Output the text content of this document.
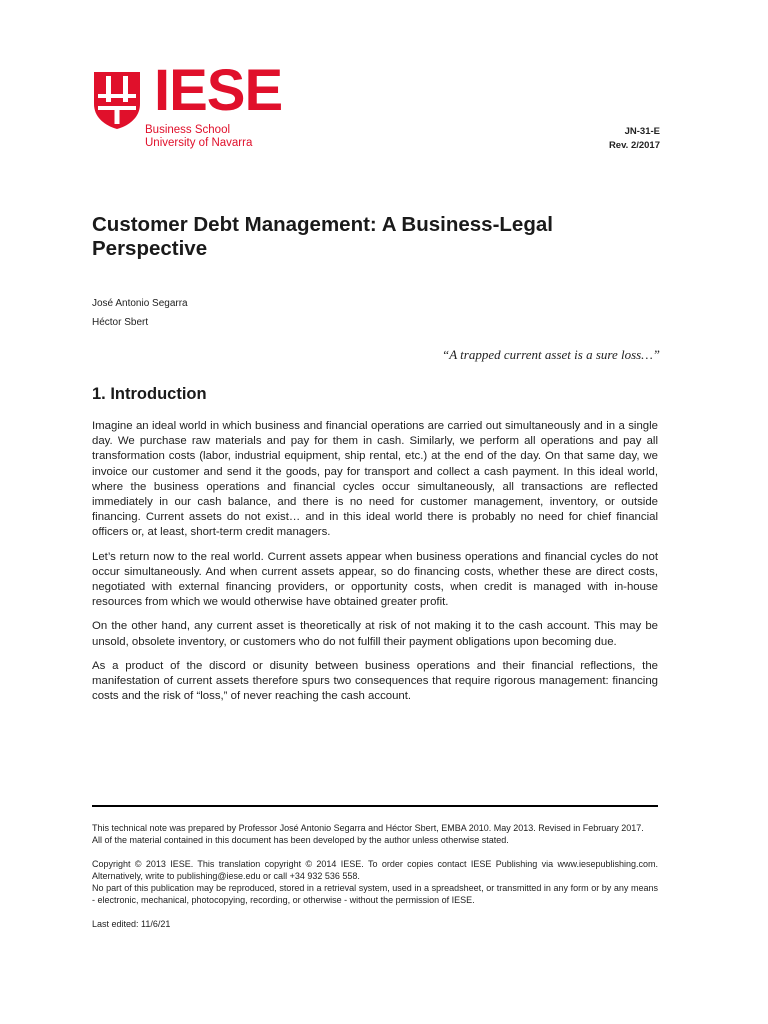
IESE
Business School
University of Navarra
JN-31-E
Rev. 2/2017
Customer Debt Management: A Business-Legal Perspective
José Antonio Segarra
Héctor Sbert
“A trapped current asset is a sure loss…”
1. Introduction

Imagine an ideal world in which business and financial operations are carried out simultaneously and in a single day. We purchase raw materials and pay for them in cash. Similarly, we perform all operations and pay all transformation costs (labor, industrial equipment, ship rental, etc.) at the end of the day. On that same day, we invoice our customer and send it the goods, pay for transport and collect a cash payment. In this ideal world, where the business operations and financial cycles occur simultaneously, all transactions are reflected immediately in our cash balance, and there is no need for customer management, inventory, or outside financing. Current assets do not exist… and in this ideal world there is probably no need for chief financial officers or, at least, short-term credit managers.

Let’s return now to the real world. Current assets appear when business operations and financial cycles do not occur simultaneously. And when current assets appear, so do financing costs, whether these are direct costs, negotiated with external financing providers, or opportunity costs, when credit is managed with in-house resources from which we would otherwise have obtained greater profit.

On the other hand, any current asset is theoretically at risk of not making it to the cash account. This may be unsold, obsolete inventory, or customers who do not fulfill their payment obligations upon becoming due.

As a product of the discord or disunity between business operations and their financial reflections, the manifestation of current assets therefore spurs two consequences that require rigorous management: financing costs and the risk of “loss,” of never reaching the cash account.

This technical note was prepared by Professor José Antonio Segarra and Héctor Sbert, EMBA 2010. May 2013. Revised in February 2017.

All of the material contained in this document has been developed by the author unless otherwise stated.

Copyright © 2013 IESE. This translation copyright © 2014 IESE. To order copies contact IESE Publishing via www.iesepublishing.com. Alternatively, write to publishing@iese.edu or call +34 932 536 558.

No part of this publication may be reproduced, stored in a retrieval system, used in a spreadsheet, or transmitted in any form or by any means - electronic, mechanical, photocopying, recording, or otherwise - without the permission of IESE.

Last edited: 11/6/21
